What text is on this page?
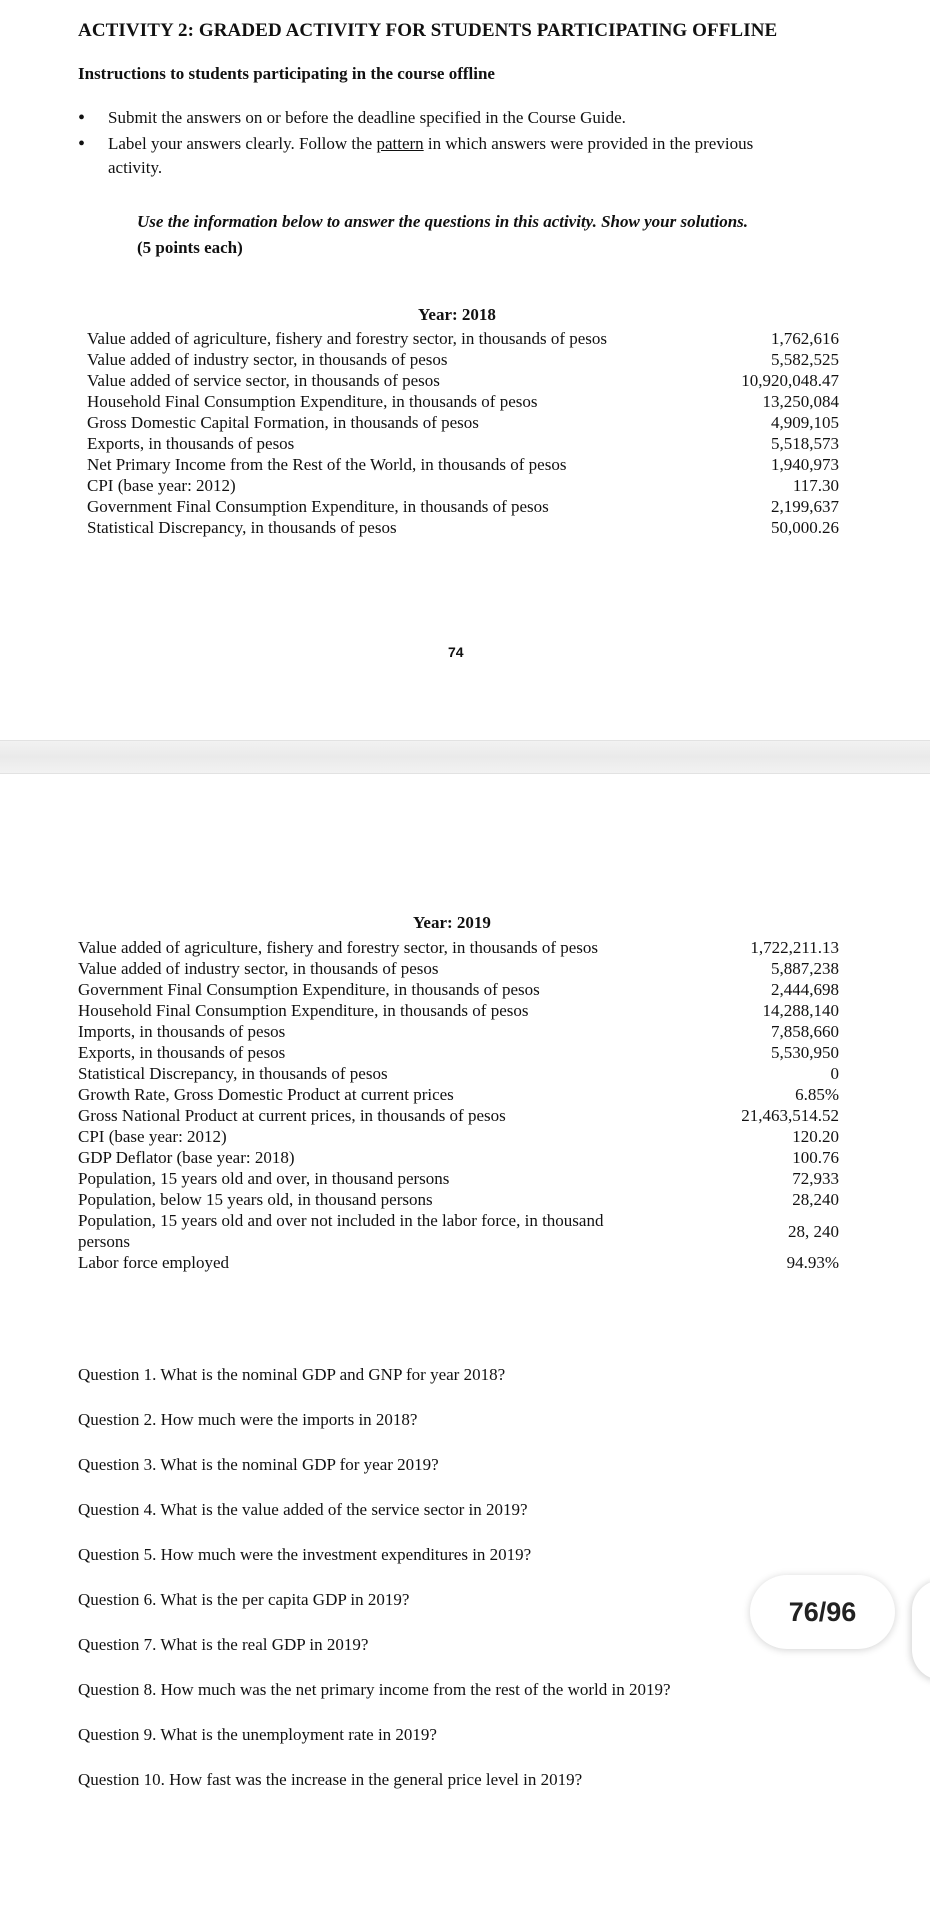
ACTIVITY 2: GRADED ACTIVITY FOR STUDENTS PARTICIPATING OFFLINE
Instructions to students participating in the course offline
• Submit the answers on or before the deadline specified in the Course Guide.
• Label your answers clearly. Follow the pattern in which answers were provided in the previous activity.
Use the information below to answer the questions in this activity. Show your solutions.
(5 points each)
Year: 2018
Value added of agriculture, fishery and forestry sector, in thousands of pesos	1,762,616
Value added of industry sector, in thousands of pesos	5,582,525
Value added of service sector, in thousands of pesos	10,920,048.47
Household Final Consumption Expenditure, in thousands of pesos	13,250,084
Gross Domestic Capital Formation, in thousands of pesos	4,909,105
Exports, in thousands of pesos	5,518,573
Net Primary Income from the Rest of the World, in thousands of pesos	1,940,973
CPI (base year: 2012)	117.30
Government Final Consumption Expenditure, in thousands of pesos	2,199,637
Statistical Discrepancy, in thousands of pesos	50,000.26
74
Year: 2019
Value added of agriculture, fishery and forestry sector, in thousands of pesos	1,722,211.13
Value added of industry sector, in thousands of pesos	5,887,238
Government Final Consumption Expenditure, in thousands of pesos	2,444,698
Household Final Consumption Expenditure, in thousands of pesos	14,288,140
Imports, in thousands of pesos	7,858,660
Exports, in thousands of pesos	5,530,950
Statistical Discrepancy, in thousands of pesos	0
Growth Rate, Gross Domestic Product at current prices	6.85%
Gross National Product at current prices, in thousands of pesos	21,463,514.52
CPI (base year: 2012)	120.20
GDP Deflator (base year: 2018)	100.76
Population, 15 years old and over, in thousand persons	72,933
Population, below 15 years old, in thousand persons	28,240
Population, 15 years old and over not included in the labor force, in thousand persons	28, 240
Labor force employed	94.93%
Question 1. What is the nominal GDP and GNP for year 2018?
Question 2. How much were the imports in 2018?
Question 3. What is the nominal GDP for year 2019?
Question 4. What is the value added of the service sector in 2019?
Question 5. How much were the investment expenditures in 2019?
Question 6. What is the per capita GDP in 2019?
Question 7. What is the real GDP in 2019?
Question 8. How much was the net primary income from the rest of the world in 2019?
Question 9. What is the unemployment rate in 2019?
Question 10. How fast was the increase in the general price level in 2019?
76/96
